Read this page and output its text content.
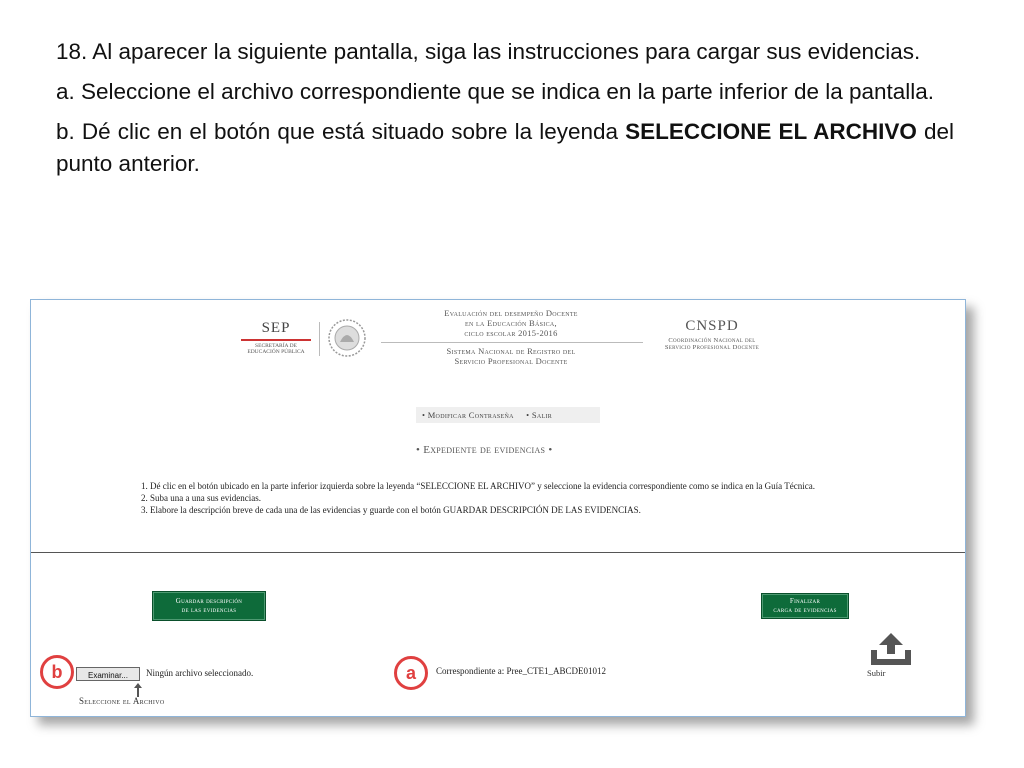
18. Al aparecer la siguiente pantalla, siga las instrucciones para cargar sus evidencias.

a. Seleccione el archivo correspondiente que se indica en la parte inferior de la pantalla.

b. Dé clic en el botón que está situado sobre la leyenda SELECCIONE EL ARCHIVO del punto anterior.

SEP
SECRETARÍA DE EDUCACIÓN PÚBLICA
Evaluación del desempeño Docente
en la Educación Básica,
ciclo escolar 2015-2016
Sistema Nacional de Registro del
Servicio Profesional Docente
CNSPD
Coordinación Nacional del
Servicio Profesional Docente
• Modificar Contraseña • Salir
• Expediente de evidencias •
1. Dé clic en el botón ubicado en la parte inferior izquierda sobre la leyenda “SELECCIONE EL ARCHIVO” y seleccione la evidencia correspondiente como se indica en la Guía Técnica.
2. Suba una a una sus evidencias.
3. Elabore la descripción breve de cada una de las evidencias y guarde con el botón GUARDAR DESCRIPCIÓN DE LAS EVIDENCIAS.
Guardar descripción
de las evidencias
Finalizar
carga de evidencias
b	Examinar...	Ningún archivo seleccionado.
Seleccione el Archivo
a	Correspondiente a: Pree_CTE1_ABCDE01012	Subir
